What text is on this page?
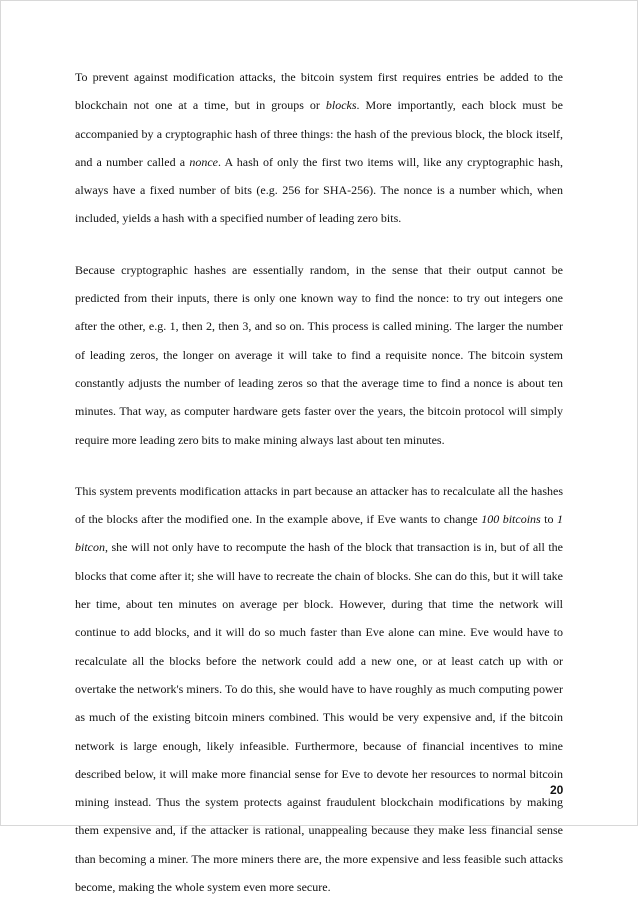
To prevent against modification attacks, the bitcoin system first requires entries be added to the blockchain not one at a time, but in groups or blocks. More importantly, each block must be accompanied by a cryptographic hash of three things: the hash of the previous block, the block itself, and a number called a nonce. A hash of only the first two items will, like any cryptographic hash, always have a fixed number of bits (e.g. 256 for SHA-256). The nonce is a number which, when included, yields a hash with a specified number of leading zero bits.

Because cryptographic hashes are essentially random, in the sense that their output cannot be predicted from their inputs, there is only one known way to find the nonce: to try out integers one after the other, e.g. 1, then 2, then 3, and so on. This process is called mining. The larger the number of leading zeros, the longer on average it will take to find a requisite nonce. The bitcoin system constantly adjusts the number of leading zeros so that the average time to find a nonce is about ten minutes. That way, as computer hardware gets faster over the years, the bitcoin protocol will simply require more leading zero bits to make mining always last about ten minutes.

This system prevents modification attacks in part because an attacker has to recalculate all the hashes of the blocks after the modified one. In the example above, if Eve wants to change 100 bitcoins to 1 bitcon, she will not only have to recompute the hash of the block that transaction is in, but of all the blocks that come after it; she will have to recreate the chain of blocks. She can do this, but it will take her time, about ten minutes on average per block. However, during that time the network will continue to add blocks, and it will do so much faster than Eve alone can mine. Eve would have to recalculate all the blocks before the network could add a new one, or at least catch up with or overtake the network's miners. To do this, she would have to have roughly as much computing power as much of the existing bitcoin miners combined. This would be very expensive and, if the bitcoin network is large enough, likely infeasible. Furthermore, because of financial incentives to mine described below, it will make more financial sense for Eve to devote her resources to normal bitcoin mining instead. Thus the system protects against fraudulent blockchain modifications by making them expensive and, if the attacker is rational, unappealing because they make less financial sense than becoming a miner. The more miners there are, the more expensive and less feasible such attacks become, making the whole system even more secure.

20
